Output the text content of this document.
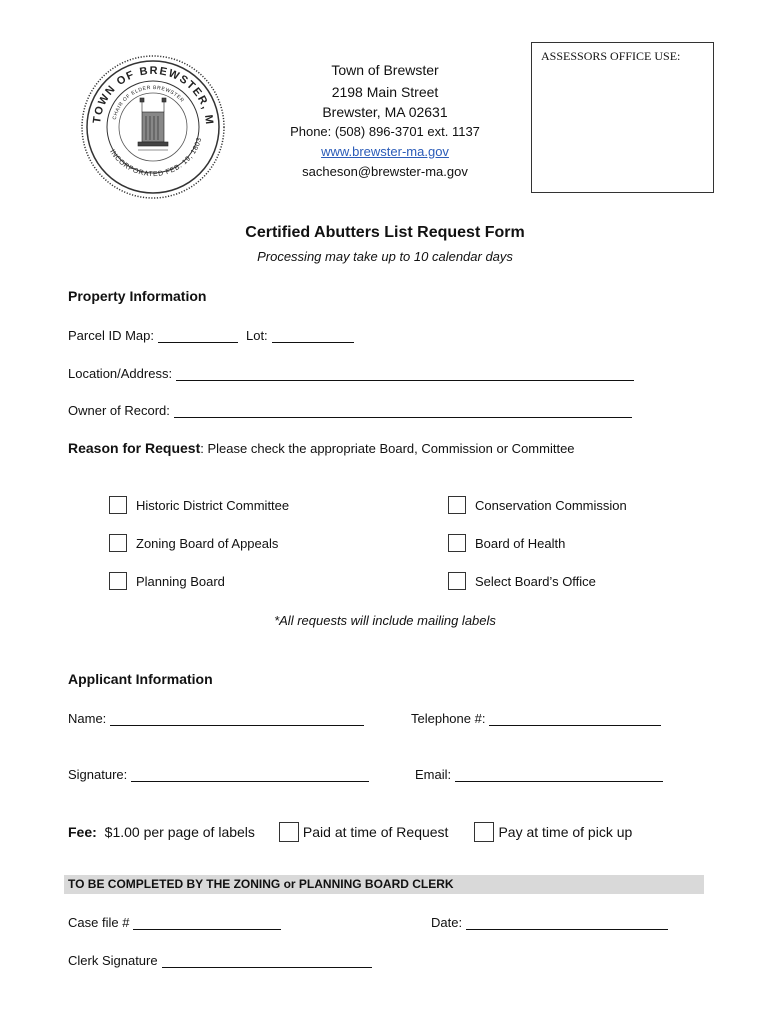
TOWN OF BREWSTER, M
CHAIR OF ELDER BREWSTER
INCORPORATED FEB. 19, 1803
Town of Brewster
2198 Main Street
Brewster, MA 02631
Phone: (508) 896-3701 ext. 1137
www.brewster-ma.gov
sacheson@brewster-ma.gov
ASSESSORS OFFICE USE:
Certified Abutters List Request Form
Processing may take up to 10 calendar days
Property Information
Parcel ID Map:	Lot:
Location/Address:
Owner of Record:
Reason for Request: Please check the appropriate Board, Commission or Committee
Historic District Committee
Zoning Board of Appeals
Planning Board
Conservation Commission
Board of Health
Select Board’s Office
*All requests will include mailing labels
Applicant Information
Name:	Telephone #:
Signature:	Email:
Fee: $1.00 per page of labels	Paid at time of Request	Pay at time of pick up
TO BE COMPLETED BY THE ZONING or PLANNING BOARD CLERK
Case file #	Date:
Clerk Signature
